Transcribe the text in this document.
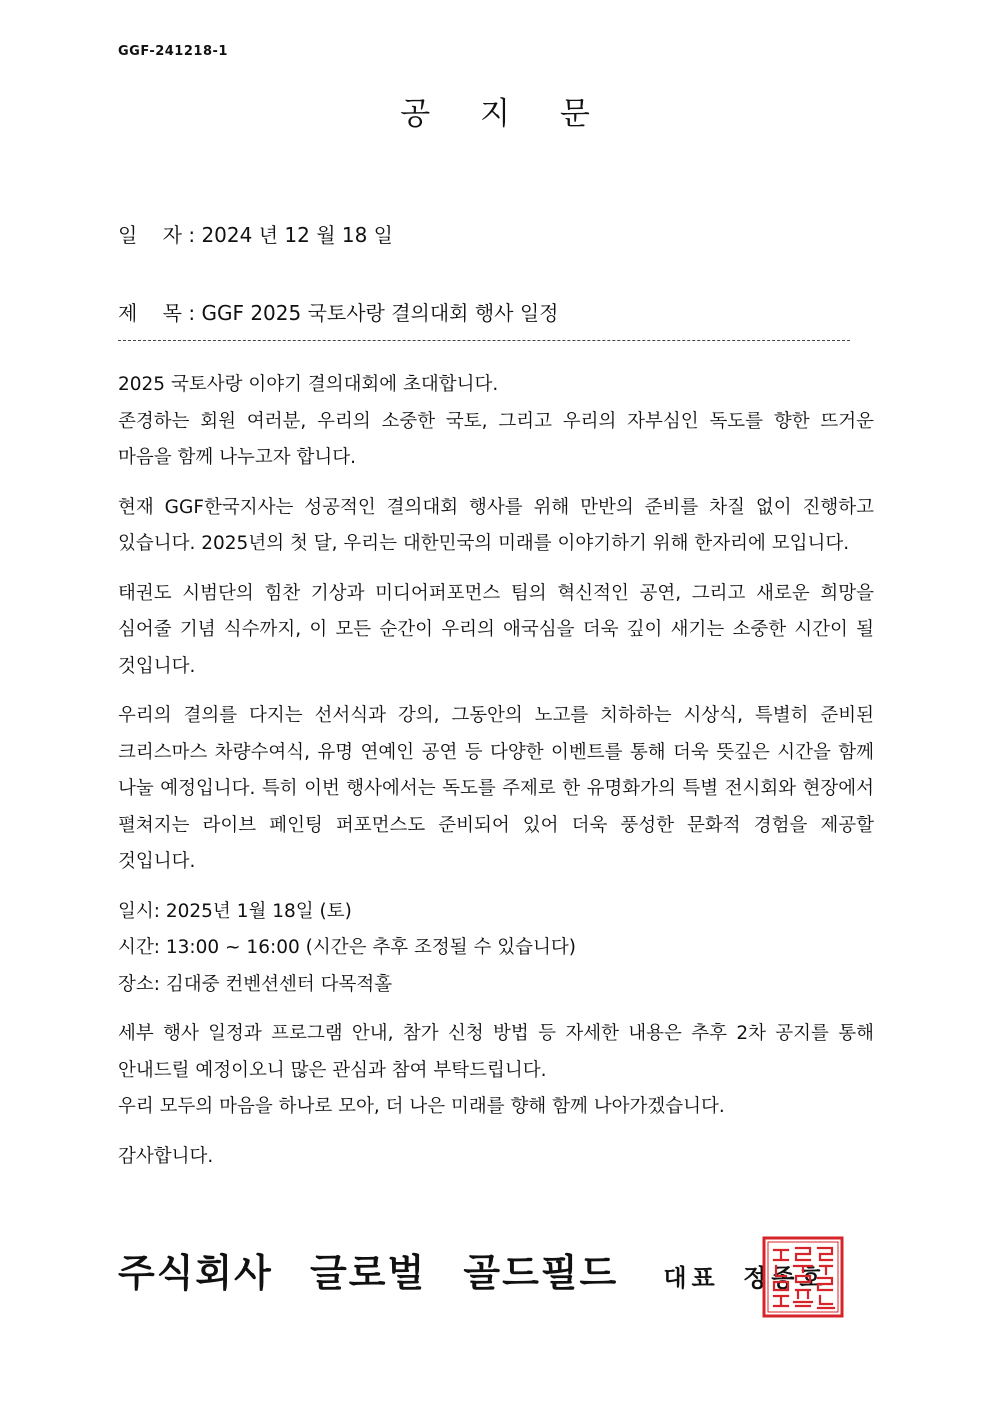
GGF-241218-1
공 지 문
일 자 : 2024 년 12 월 18 일
제 목 : GGF 2025 국토사랑 결의대회 행사 일정

2025 국토사랑 이야기 결의대회에 초대합니다.

존경하는 회원 여러분, 우리의 소중한 국토, 그리고 우리의 자부심인 독도를 향한 뜨거운 마음을 함께 나누고자 합니다.

현재 GGF한국지사는 성공적인 결의대회 행사를 위해 만반의 준비를 차질 없이 진행하고 있습니다. 2025년의 첫 달, 우리는 대한민국의 미래를 이야기하기 위해 한자리에 모입니다.

태권도 시범단의 힘찬 기상과 미디어퍼포먼스 팀의 혁신적인 공연, 그리고 새로운 희망을 심어줄 기념 식수까지, 이 모든 순간이 우리의 애국심을 더욱 깊이 새기는 소중한 시간이 될 것입니다.

우리의 결의를 다지는 선서식과 강의, 그동안의 노고를 치하하는 시상식, 특별히 준비된 크리스마스 차량수여식, 유명 연예인 공연 등 다양한 이벤트를 통해 더욱 뜻깊은 시간을 함께 나눌 예정입니다. 특히 이번 행사에서는 독도를 주제로 한 유명화가의 특별 전시회와 현장에서 펼쳐지는 라이브 페인팅 퍼포먼스도 준비되어 있어 더욱 풍성한 문화적 경험을 제공할 것입니다.

일시: 2025년 1월 18일 (토)

시간: 13:00 ~ 16:00 (시간은 추후 조정될 수 있습니다)

장소: 김대중 컨벤션센터 다목적홀

세부 행사 일정과 프로그램 안내, 참가 신청 방법 등 자세한 내용은 추후 2차 공지를 통해 안내드릴 예정이오니 많은 관심과 참여 부탁드립니다.

우리 모두의 마음을 하나로 모아, 더 나은 미래를 향해 함께 나아가겠습니다.

감사합니다.

주식회사 글로벌 골드필드 대표 정종호
